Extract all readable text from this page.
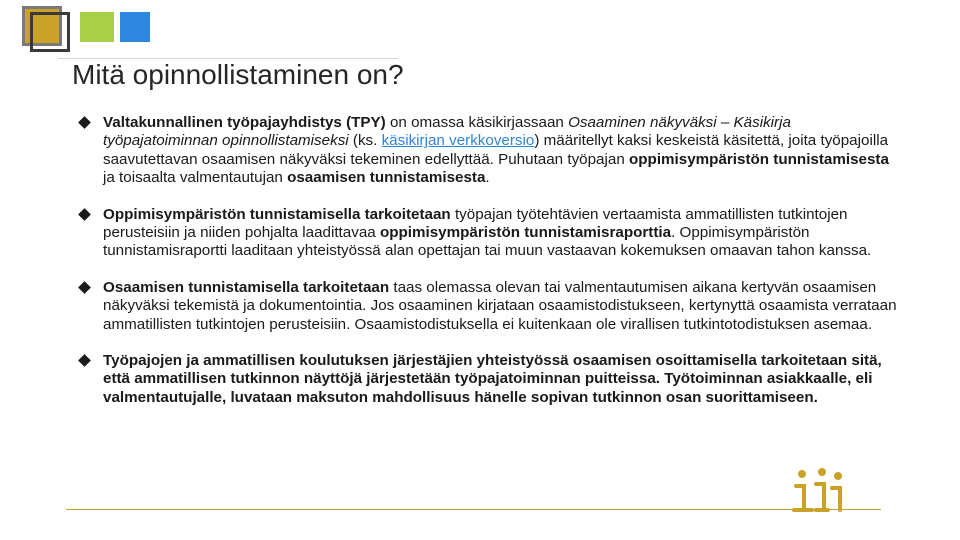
Mitä opinnollistaminen on?
Valtakunnallinen työpajayhdistys (TPY) on omassa käsikirjassaan Osaaminen näkyväksi – Käsikirja työpajatoiminnan opinnollistamiseksi (ks. käsikirjan verkkoversio) määritellyt kaksi keskeistä käsitettä, joita työpajoilla saavutettavan osaamisen näkyväksi tekeminen edellyttää. Puhutaan työpajan oppimisympäristön tunnistamisesta ja toisaalta valmentautujan osaamisen tunnistamisesta.
Oppimisympäristön tunnistamisella tarkoitetaan työpajan työtehtävien vertaamista ammatillisten tutkintojen perusteisiin ja niiden pohjalta laadittavaa oppimisympäristön tunnistamisraporttia. Oppimisympäristön tunnistamisraportti laaditaan yhteistyössä alan opettajan tai muun vastaavan kokemuksen omaavan tahon kanssa.
Osaamisen tunnistamisella tarkoitetaan taas olemassa olevan tai valmentautumisen aikana kertyvän osaamisen näkyväksi tekemistä ja dokumentointia. Jos osaaminen kirjataan osaamistodistukseen, kertynyttä osaamista verrataan ammatillisten tutkintojen perusteisiin. Osaamistodistuksella ei kuitenkaan ole virallisen tutkintotodistuksen asemaa.
Työpajojen ja ammatillisen koulutuksen järjestäjien yhteistyössä osaamisen osoittamisella tarkoitetaan sitä, että ammatillisen tutkinnon näyttöjä järjestetään työpajatoiminnan puitteissa. Työtoiminnan asiakkaalle, eli valmentautujalle, luvataan maksuton mahdollisuus hänelle sopivan tutkinnon osan suorittamiseen.
